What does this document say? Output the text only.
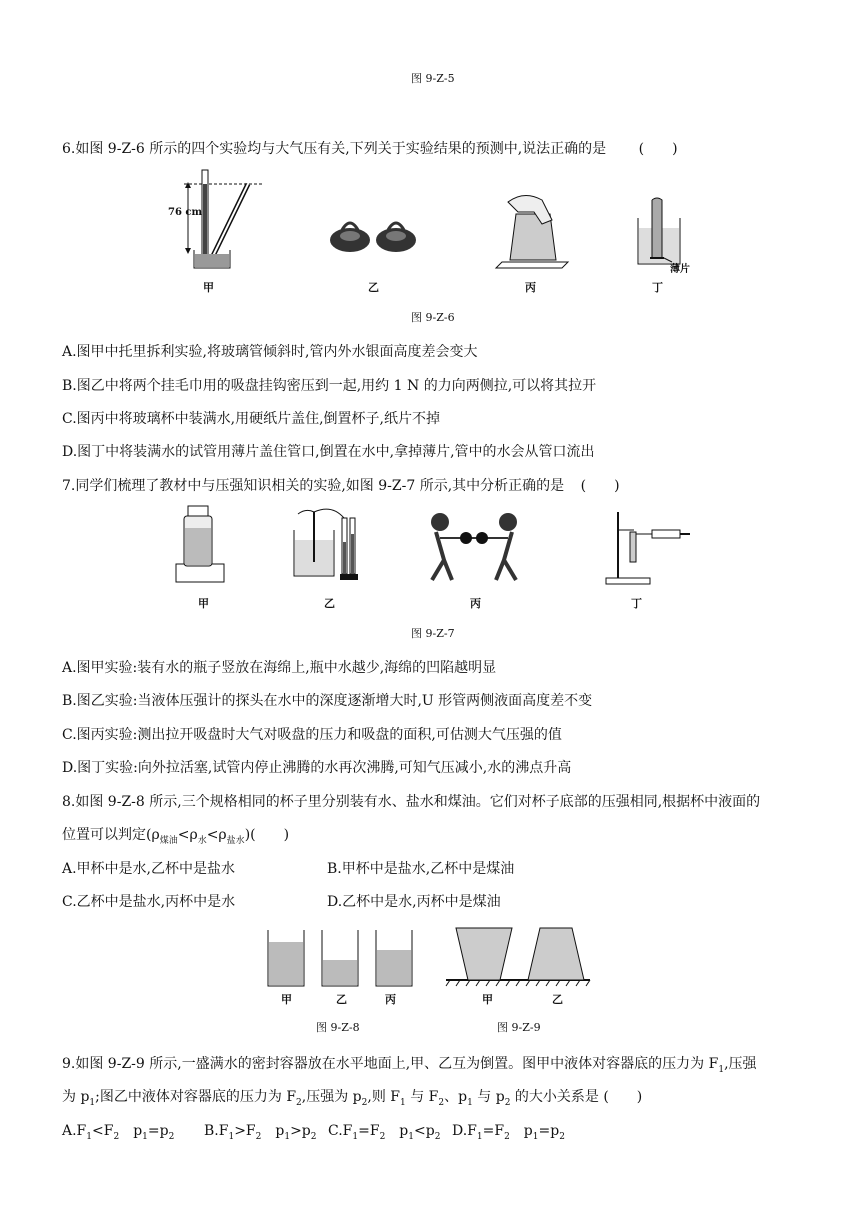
图 9-Z-5
6.如图 9-Z-6 所示的四个实验均与大气压有关,下列关于实验结果的预测中,说法正确的是 (　　)
76 cm
薄片
甲	乙	丙	丁
图 9-Z-6
A.图甲中托里拆利实验,将玻璃管倾斜时,管内外水银面高度差会变大
B.图乙中将两个挂毛巾用的吸盘挂钩密压到一起,用约 1 N 的力向两侧拉,可以将其拉开
C.图丙中将玻璃杯中装满水,用硬纸片盖住,倒置杯子,纸片不掉
D.图丁中将装满水的试管用薄片盖住管口,倒置在水中,拿掉薄片,管中的水会从管口流出
7.同学们梳理了教材中与压强知识相关的实验,如图 9-Z-7 所示,其中分析正确的是 (　　)
甲	乙	丙	丁
图 9-Z-7
A.图甲实验:装有水的瓶子竖放在海绵上,瓶中水越少,海绵的凹陷越明显
B.图乙实验:当液体压强计的探头在水中的深度逐渐增大时,U 形管两侧液面高度差不变
C.图丙实验:测出拉开吸盘时大气对吸盘的压力和吸盘的面积,可估测大气压强的值
D.图丁实验:向外拉活塞,试管内停止沸腾的水再次沸腾,可知气压减小,水的沸点升高
8.如图 9-Z-8 所示,三个规格相同的杯子里分别装有水、盐水和煤油。它们对杯子底部的压强相同,根据杯中液面的
位置可以判定$(\rho_{煤油}<\rho_水<\rho_{盐水})$(　　)
A.甲杯中是水,乙杯中是盐水	B.甲杯中是盐水,乙杯中是煤油
C.乙杯中是盐水,丙杯中是水	D.乙杯中是水,丙杯中是煤油
甲	乙	丙	甲	乙
图 9-Z-8	图 9-Z-9
9.如图 9-Z-9 所示,一盛满水的密封容器放在水平地面上,甲、乙互为倒置。图甲中液体对容器底的压力为 $F_1$,压强
为 $p_1$;图乙中液体对容器底的压力为 $F_2$,压强为 $p_2$,则 $F_1$ 与 $F_2$、$p_1$ 与 $p_2$ 的大小关系是 (　　)
$A.F_1<F_2$　$p_1=p_2$ $B.F_1>F_2$　$p_1>p_2$ $C.F_1=F_2$　$p_1<p_2$ $D.F_1=F_2$　$p_1=p_2$
